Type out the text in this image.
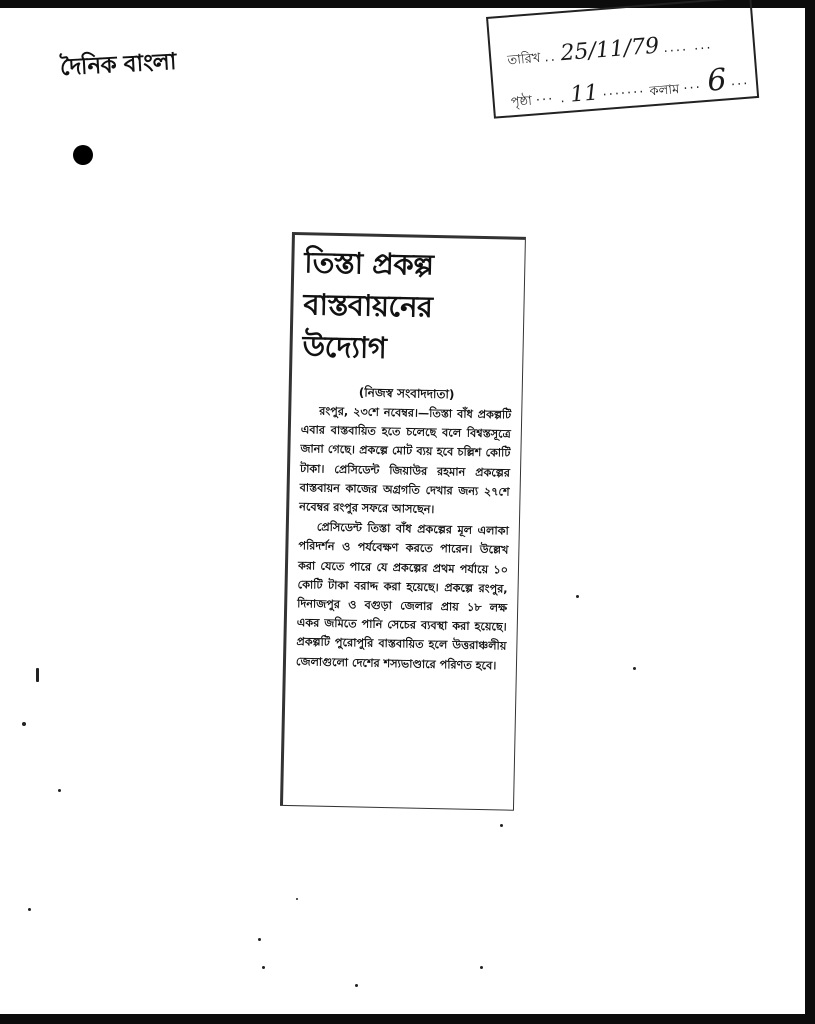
দৈনিক বাংলা	তারিখ .. 25/11/79 .... ...
পৃষ্ঠা ··· . 11 ······· কলাম ··· 6 ···
তিস্তা প্রকল্প বাস্তবায়নের উদ্যোগ
(নিজস্ব সংবাদদাতা)

রংপুর, ২৩শে নবেম্বর।—তিস্তা বাঁধ প্রকল্পটি এবার বাস্তবায়িত হতে চলেছে বলে বিশ্বস্তসূত্রে জানা গেছে। প্রকল্পে মোট ব্যয় হবে চল্লিশ কোটি টাকা। প্রেসিডেন্ট জিয়াউর রহমান প্রকল্পের বাস্তবায়ন কাজের অগ্রগতি দেখার জন্য ২৭শে নবেম্বর রংপুর সফরে আসছেন।

প্রেসিডেন্ট তিস্তা বাঁধ প্রকল্পের মূল এলাকা পরিদর্শন ও পর্যবেক্ষণ করতে পারেন। উল্লেখ করা যেতে পারে যে প্রকল্পের প্রথম পর্যায়ে ১০ কোটি টাকা বরাদ্দ করা হয়েছে। প্রকল্পে রংপুর, দিনাজপুর ও বগুড়া জেলার প্রায় ১৮ লক্ষ একর জমিতে পানি সেচের ব্যবস্থা করা হয়েছে। প্রকল্পটি পুরোপুরি বাস্তবায়িত হলে উত্তরাঞ্চলীয় জেলাগুলো দেশের শস্যভাণ্ডারে পরিণত হবে।
